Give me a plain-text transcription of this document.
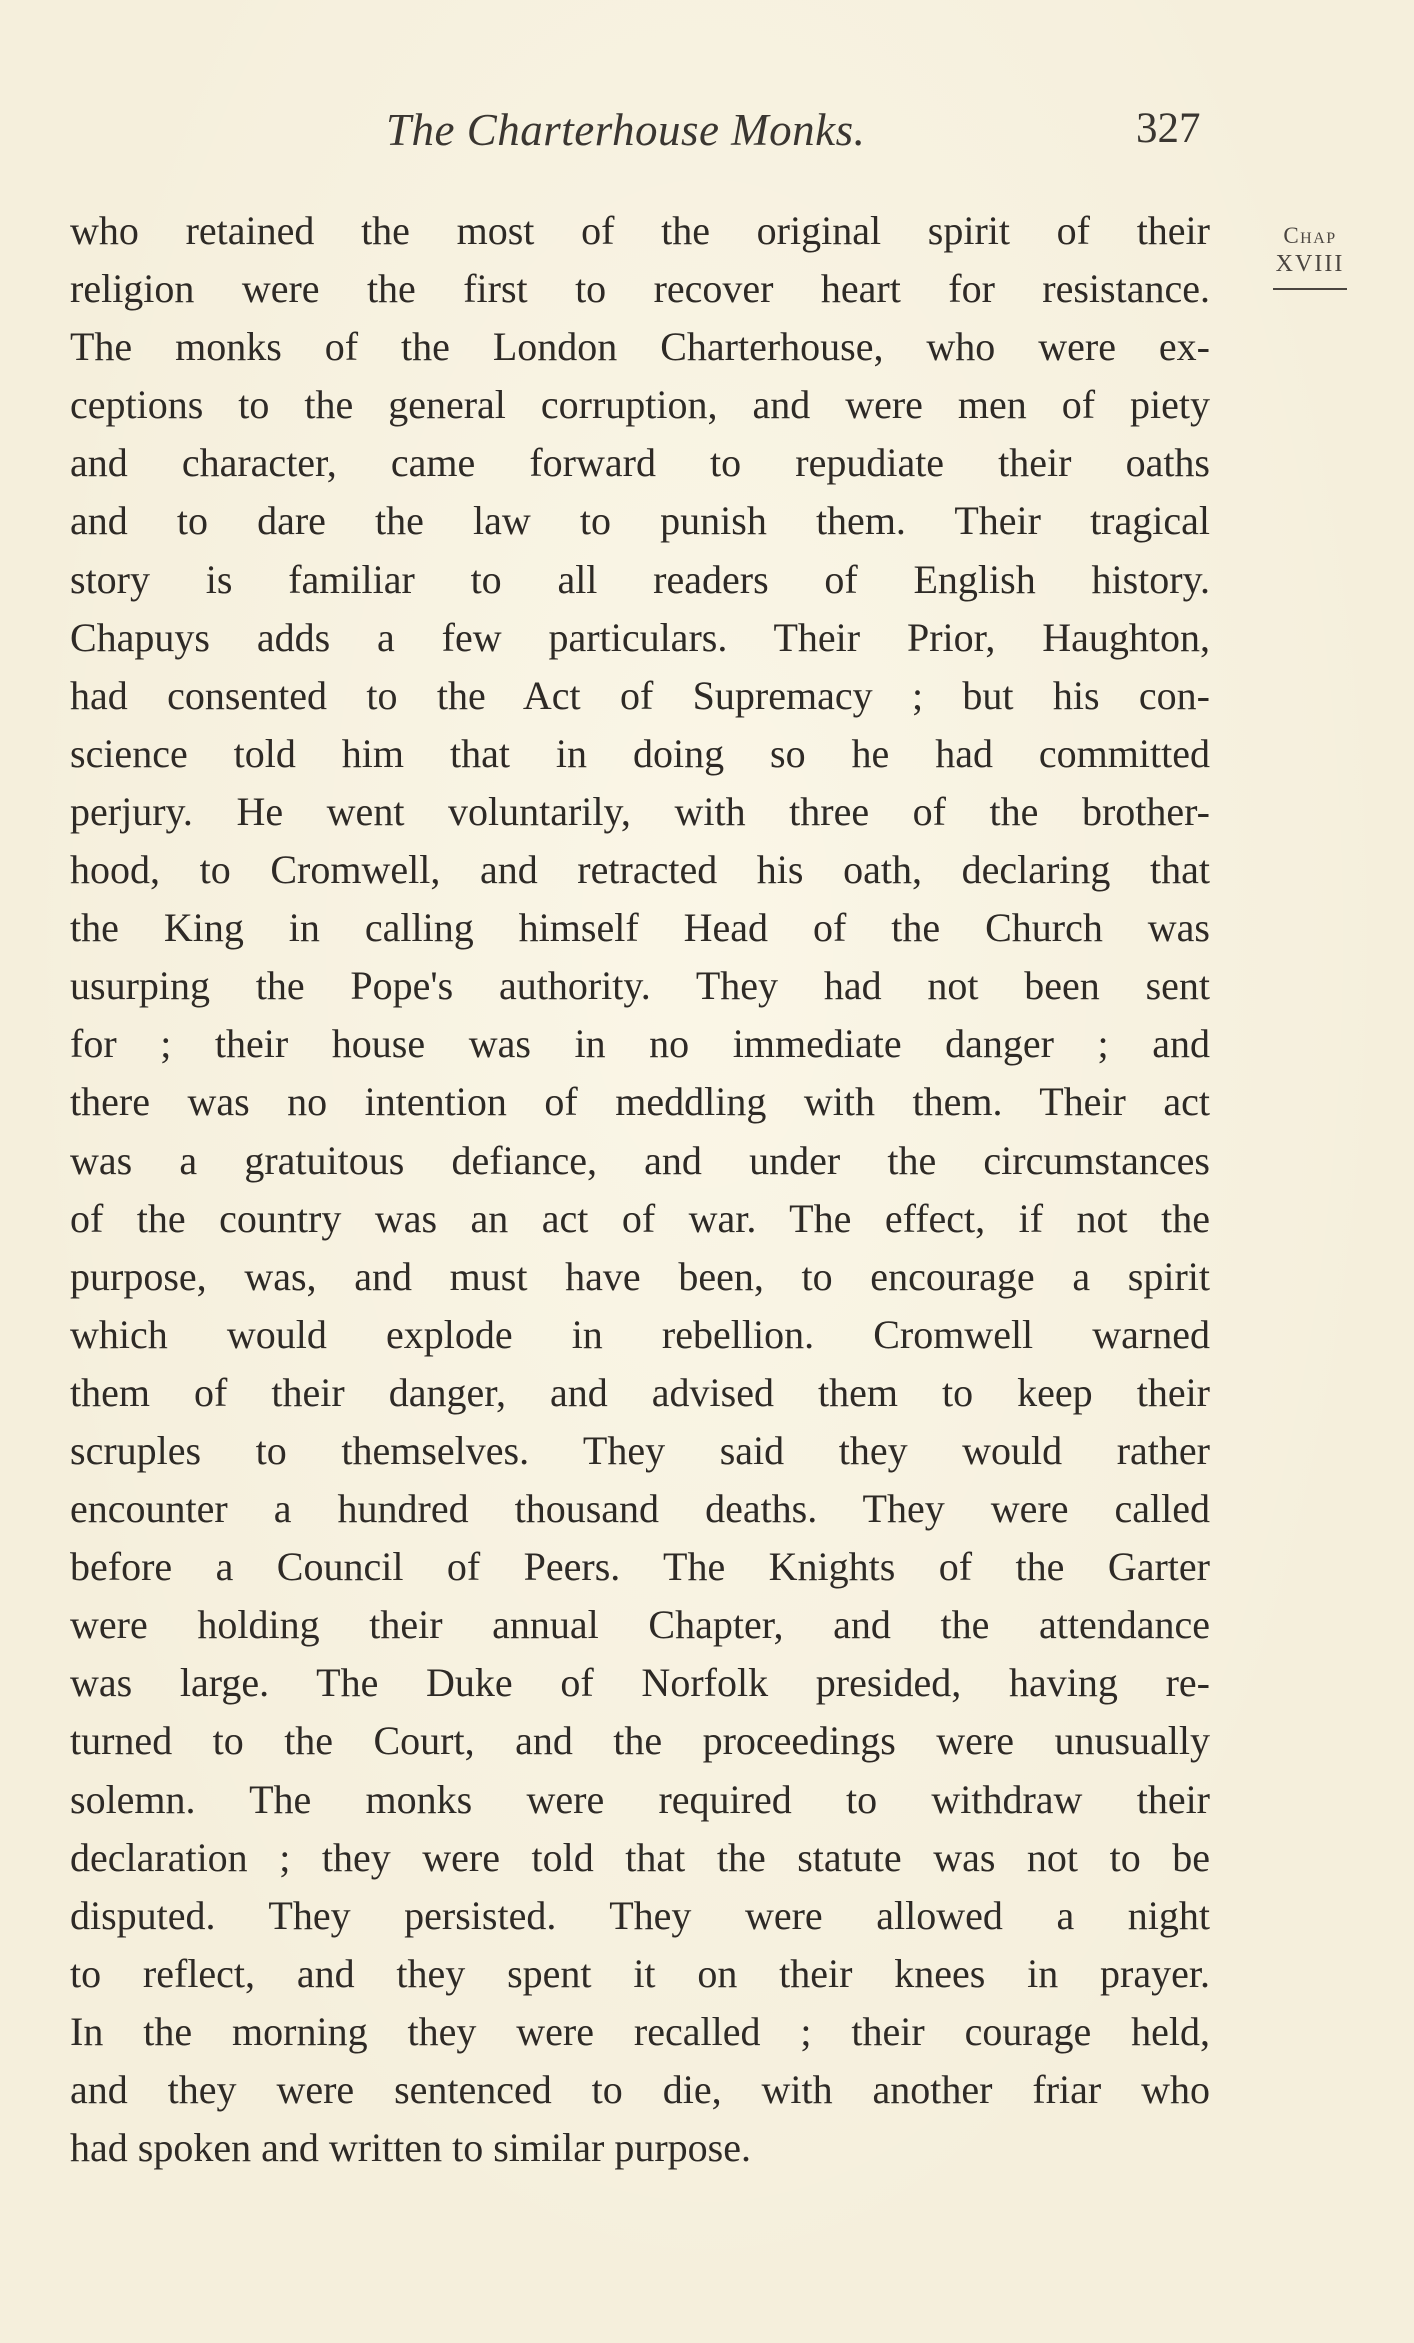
The Charterhouse Monks.	327
Chap
XVIII
who retained the most of the original spirit of their
religion were the first to recover heart for resistance.
The monks of the London Charterhouse, who were ex-
ceptions to the general corruption, and were men of piety
and character, came forward to repudiate their oaths
and to dare the law to punish them. Their tragical
story is familiar to all readers of English history.
Chapuys adds a few particulars. Their Prior, Haughton,
had consented to the Act of Supremacy ; but his con-
science told him that in doing so he had committed
perjury. He went voluntarily, with three of the brother-
hood, to Cromwell, and retracted his oath, declaring that
the King in calling himself Head of the Church was
usurping the Pope's authority. They had not been sent
for ; their house was in no immediate danger ; and
there was no intention of meddling with them. Their act
was a gratuitous defiance, and under the circumstances
of the country was an act of war. The effect, if not the
purpose, was, and must have been, to encourage a spirit
which would explode in rebellion. Cromwell warned
them of their danger, and advised them to keep their
scruples to themselves. They said they would rather
encounter a hundred thousand deaths. They were called
before a Council of Peers. The Knights of the Garter
were holding their annual Chapter, and the attendance
was large. The Duke of Norfolk presided, having re-
turned to the Court, and the proceedings were unusually
solemn. The monks were required to withdraw their
declaration ; they were told that the statute was not to be
disputed. They persisted. They were allowed a night
to reflect, and they spent it on their knees in prayer.
In the morning they were recalled ; their courage held,
and they were sentenced to die, with another friar who
had spoken and written to similar purpose.
